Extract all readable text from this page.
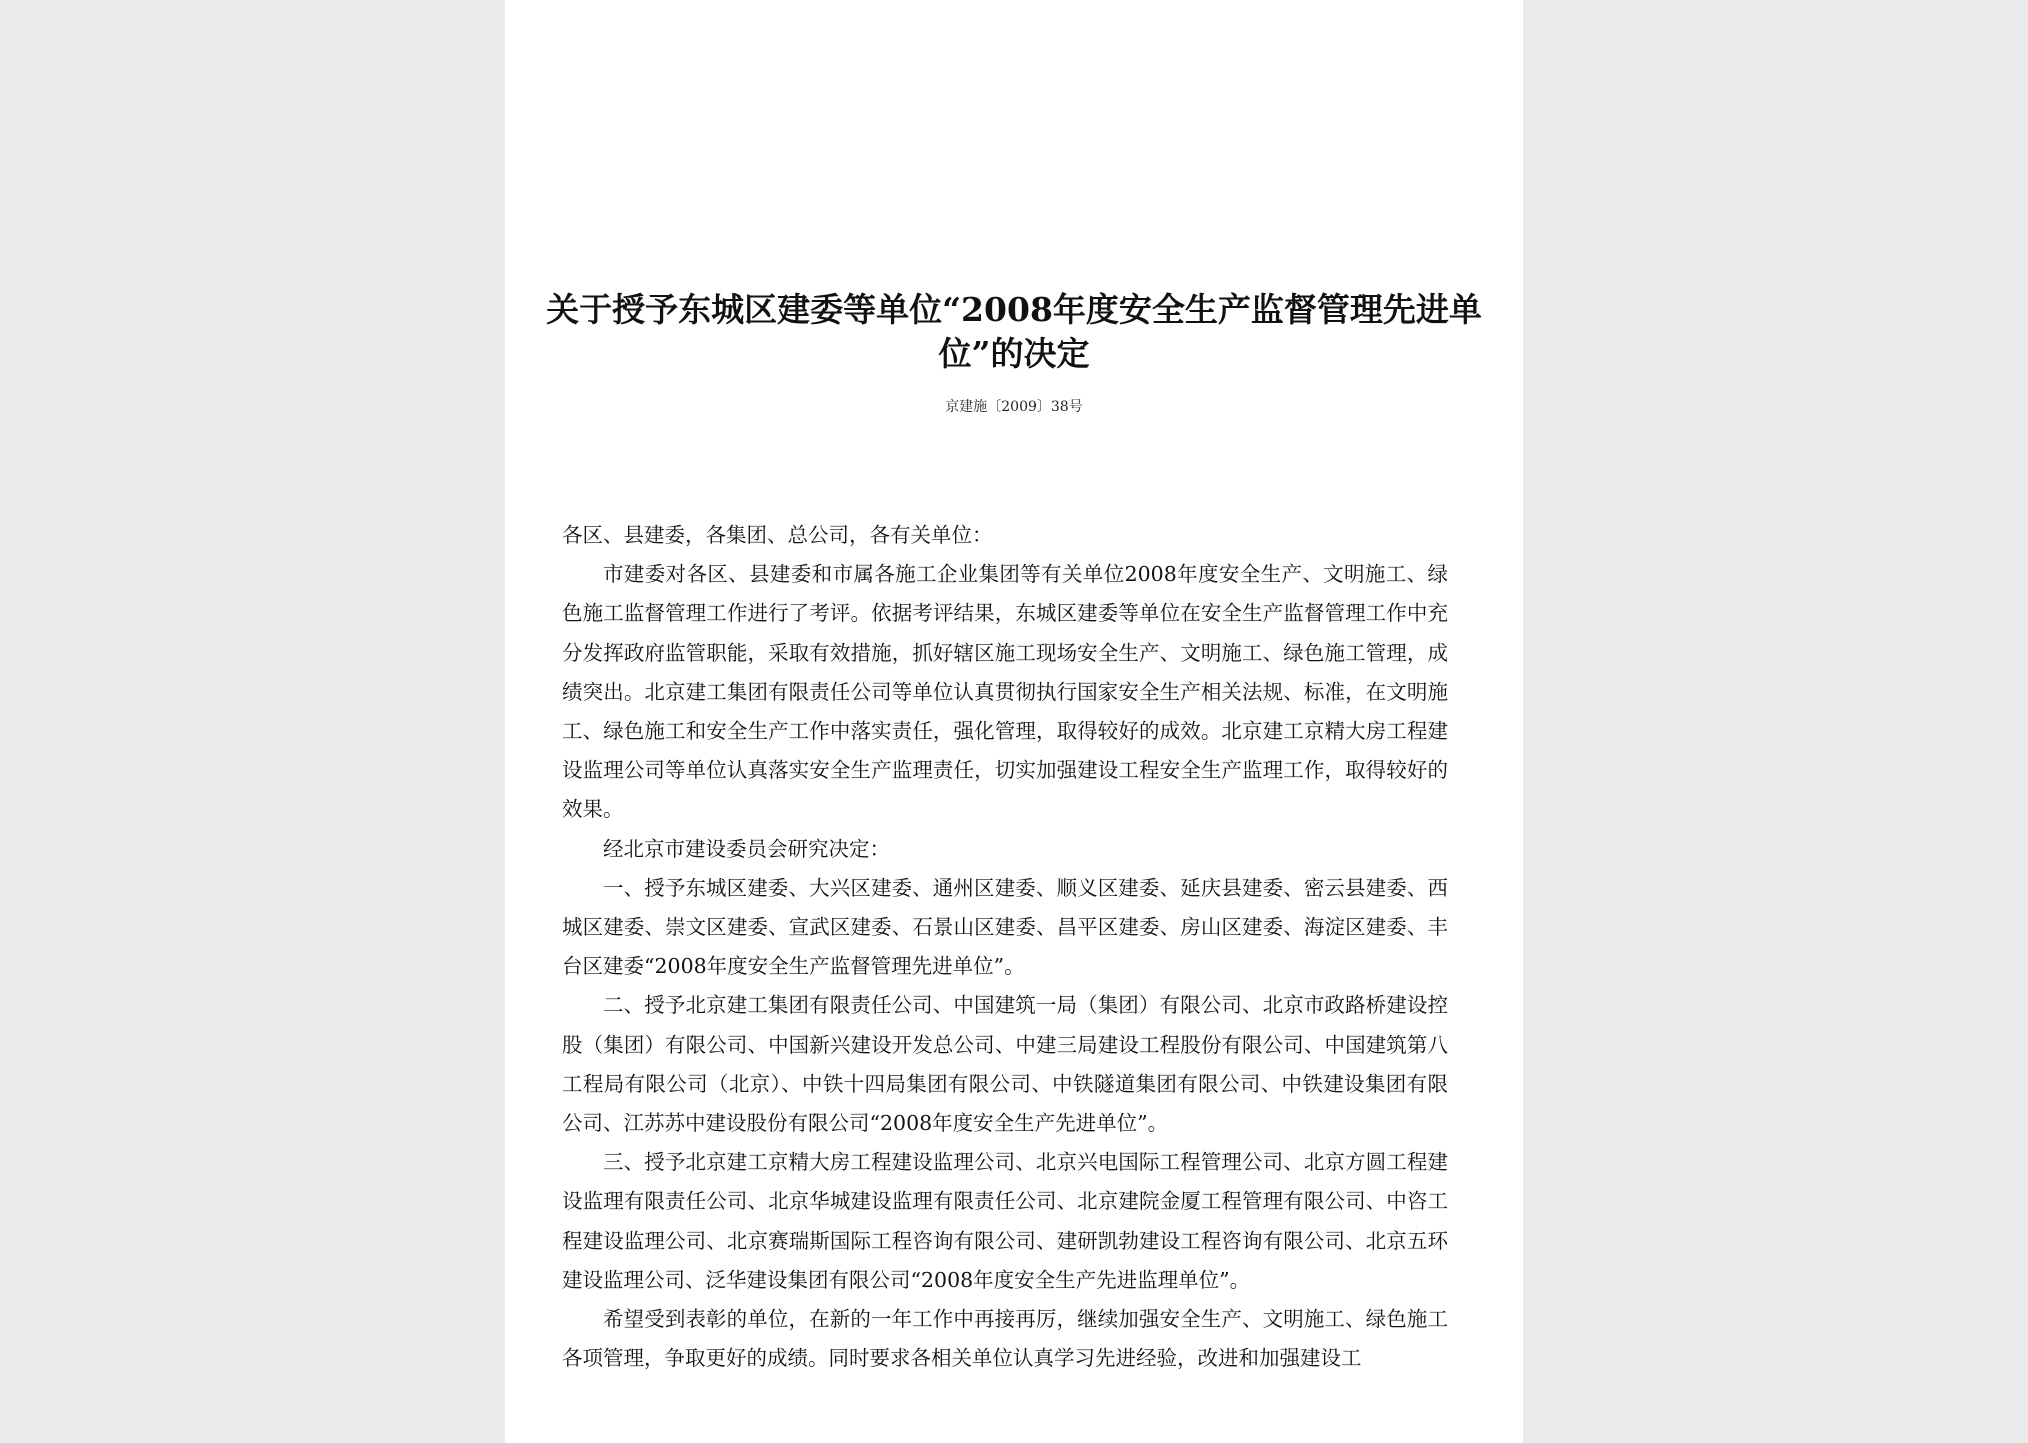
关于授予东城区建委等单位“2008年度安全生产监督管理先进单位”的决定
京建施〔2009〕38号

各区、县建委，各集团、总公司，各有关单位：

市建委对各区、县建委和市属各施工企业集团等有关单位2008年度安全生产、文明施工、绿色施工监督管理工作进行了考评。依据考评结果，东城区建委等单位在安全生产监督管理工作中充分发挥政府监管职能，采取有效措施，抓好辖区施工现场安全生产、文明施工、绿色施工管理，成绩突出。北京建工集团有限责任公司等单位认真贯彻执行国家安全生产相关法规、标准，在文明施工、绿色施工和安全生产工作中落实责任，强化管理，取得较好的成效。北京建工京精大房工程建设监理公司等单位认真落实安全生产监理责任，切实加强建设工程安全生产监理工作，取得较好的效果。

经北京市建设委员会研究决定：

一、授予东城区建委、大兴区建委、通州区建委、顺义区建委、延庆县建委、密云县建委、西城区建委、崇文区建委、宣武区建委、石景山区建委、昌平区建委、房山区建委、海淀区建委、丰台区建委“2008年度安全生产监督管理先进单位”。

二、授予北京建工集团有限责任公司、中国建筑一局（集团）有限公司、北京市政路桥建设控股（集团）有限公司、中国新兴建设开发总公司、中建三局建设工程股份有限公司、中国建筑第八工程局有限公司（北京）、中铁十四局集团有限公司、中铁隧道集团有限公司、中铁建设集团有限公司、江苏苏中建设股份有限公司“2008年度安全生产先进单位”。

三、授予北京建工京精大房工程建设监理公司、北京兴电国际工程管理公司、北京方圆工程建设监理有限责任公司、北京华城建设监理有限责任公司、北京建院金厦工程管理有限公司、中咨工程建设监理公司、北京赛瑞斯国际工程咨询有限公司、建研凯勃建设工程咨询有限公司、北京五环建设监理公司、泛华建设集团有限公司“2008年度安全生产先进监理单位”。

希望受到表彰的单位，在新的一年工作中再接再厉，继续加强安全生产、文明施工、绿色施工各项管理，争取更好的成绩。同时要求各相关单位认真学习先进经验，改进和加强建设工
